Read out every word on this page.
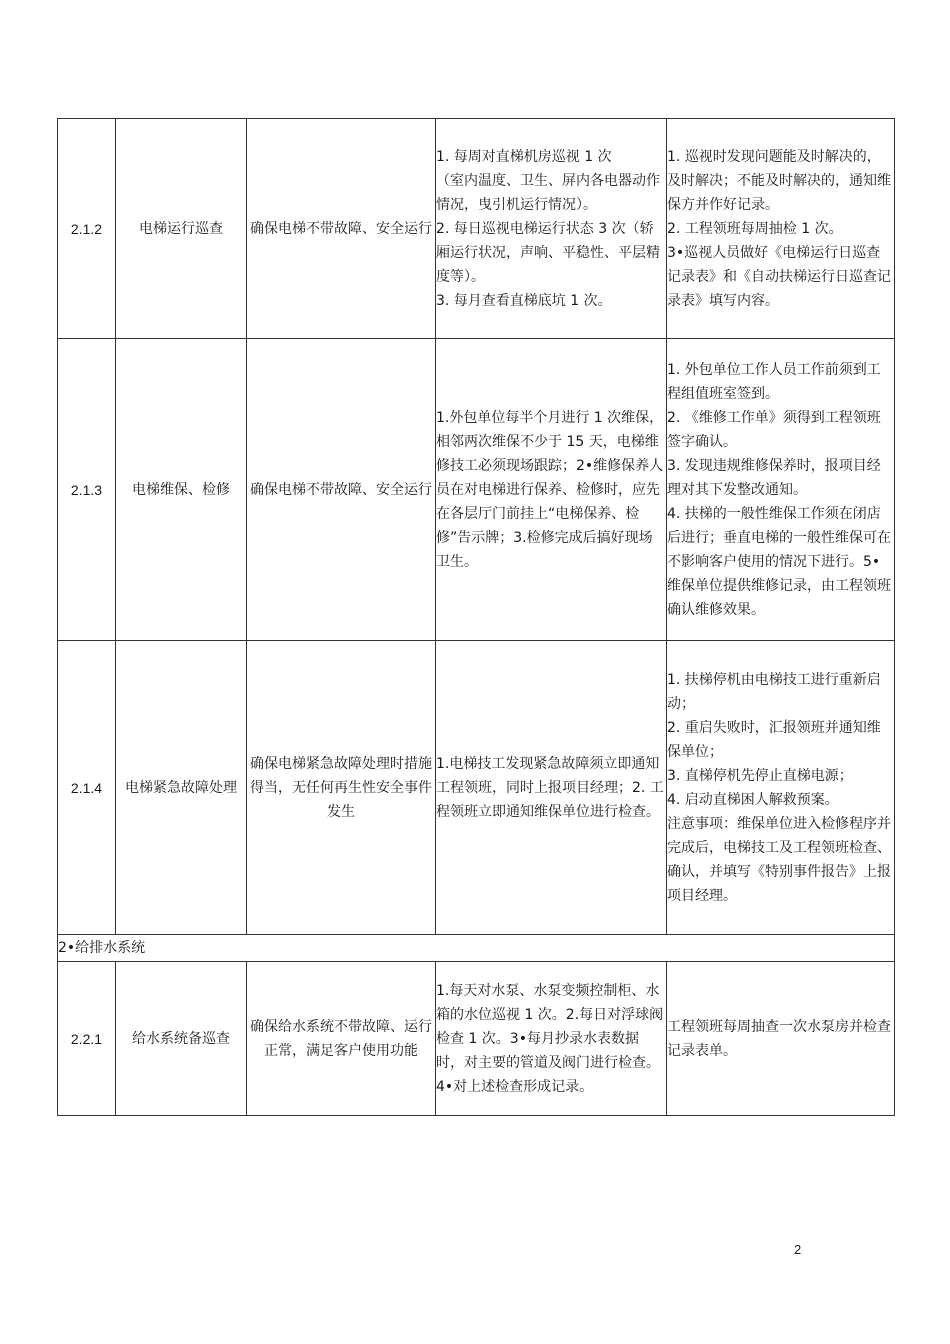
2.1.2	电梯运行巡查	确保电梯不带故障、安全运行	1. 每周对直梯机房巡视 1 次
（室内温度、卫生、屏内各电器动作情况，曳引机运行情况）。
2. 每日巡视电梯运行状态 3 次（轿厢运行状况，声响、平稳性、平层精度等）。
3. 每月查看直梯底坑 1 次。	1. 巡视时发现问题能及时解决的，及时解决；不能及时解决的，通知维保方并作好记录。
2. 工程领班每周抽检 1 次。
3•巡视人员做好《电梯运行日巡查记录表》和《自动扶梯运行日巡查记录表》填写内容。

2.1.3	电梯维保、检修	确保电梯不带故障、安全运行	1.外包单位每半个月进行 1 次维保，相邻两次维保不少于 15 天，电梯维修技工必须现场跟踪；2•维修保养人员在对电梯进行保养、检修时，应先在各层厅门前挂上“电梯保养、检修”告示牌；3.检修完成后搞好现场卫生。	1. 外包单位工作人员工作前须到工程组值班室签到。
2. 《维修工作单》须得到工程领班签字确认。
3. 发现违规维修保养时，报项目经理对其下发整改通知。
4. 扶梯的一般性维保工作须在闭店后进行；垂直电梯的一般性维保可在不影响客户使用的情况下进行。5•维保单位提供维修记录，由工程领班确认维修效果。

2.1.4	电梯紧急故障处理	确保电梯紧急故障处理时措施得当，无任何再生性安全事件发生	1.电梯技工发现紧急故障须立即通知工程领班，同时上报项目经理；2. 工程领班立即通知维保单位进行检查。	1. 扶梯停机由电梯技工进行重新启动；
2. 重启失败时，汇报领班并通知维保单位；
3. 直梯停机先停止直梯电源；
4. 启动直梯困人解救预案。
注意事项：维保单位进入检修程序并完成后，电梯技工及工程领班检查、确认，并填写《特别事件报告》上报项目经理。

2•给排水系统				
2.2.1	给水系统备巡查	确保给水系统不带故障、运行正常，满足客户使用功能	1.每天对水泵、水泵变频控制柜、水箱的水位巡视 1 次。2.每日对浮球阀检查 1 次。3•每月抄录水表数据时，对主要的管道及阀门进行检查。4•对上述检查形成记录。	工程领班每周抽查一次水泵房并检查记录表单。
2
